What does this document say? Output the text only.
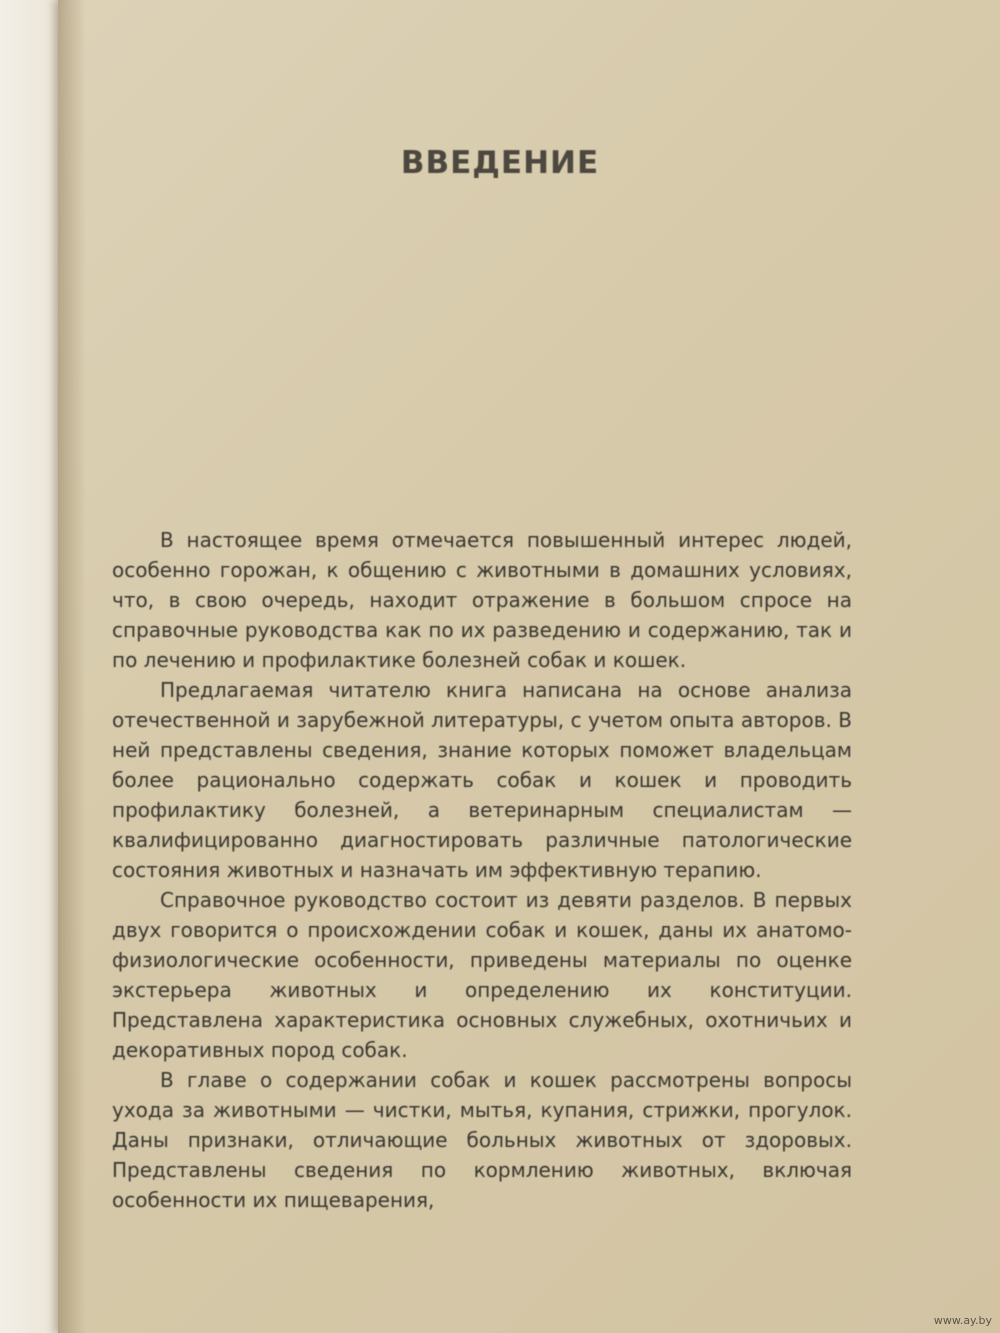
ВВЕДЕНИЕ

В настоящее время отмечается повышенный интерес людей, особенно горожан, к общению с животными в домашних условиях, что, в свою очередь, находит отражение в большом спросе на справочные руководства как по их разведению и содержанию, так и по лечению и профилактике болезней собак и кошек.

Предлагаемая читателю книга написана на основе анализа отечественной и зарубежной литературы, с учетом опыта авторов. В ней представлены сведения, знание которых поможет владельцам более рационально содержать собак и кошек и проводить профилактику болезней, а ветеринарным специалистам — квалифицированно диагностировать различные патологические состояния животных и назначать им эффективную терапию.

Справочное руководство состоит из девяти разделов. В первых двух говорится о происхождении собак и кошек, даны их анатомо-физиологические особенности, приведены материалы по оценке экстерьера животных и определению их конституции. Представлена характеристика основных служебных, охотничьих и декоративных пород собак.

В главе о содержании собак и кошек рассмотрены вопросы ухода за животными — чистки, мытья, купания, стрижки, прогулок. Даны признаки, отличающие больных животных от здоровых. Представлены сведения по кормлению животных, включая особенности их пищеварения,

www.ay.by
